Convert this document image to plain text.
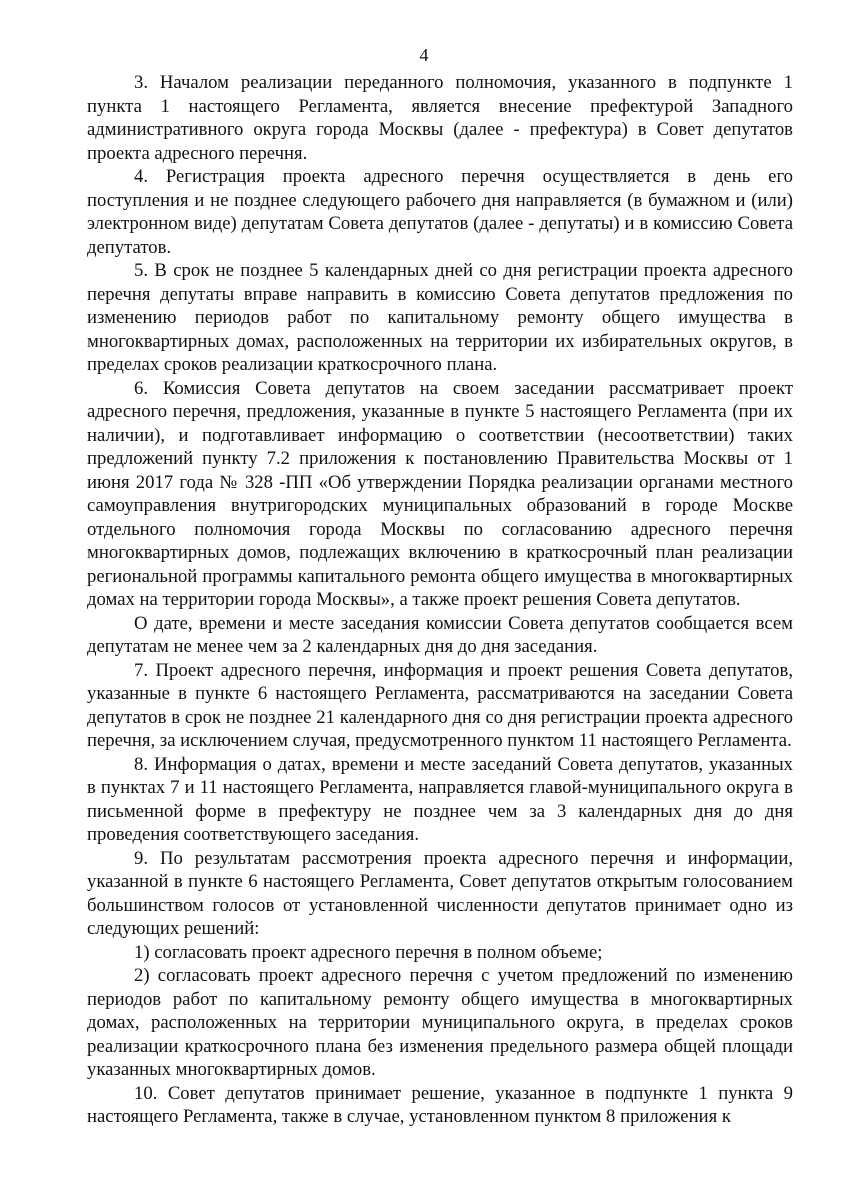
4

3. Началом реализации переданного полномочия, указанного в подпункте 1 пункта 1 настоящего Регламента, является внесение префектурой Западного административного округа города Москвы (далее - префектура) в Совет депутатов проекта адресного перечня.

4. Регистрация проекта адресного перечня осуществляется в день его поступления и не позднее следующего рабочего дня направляется (в бумажном и (или) электронном виде) депутатам Совета депутатов (далее - депутаты) и в комиссию Совета депутатов.

5. В срок не позднее 5 календарных дней со дня регистрации проекта адресного перечня депутаты вправе направить в комиссию Совета депутатов предложения по изменению периодов работ по капитальному ремонту общего имущества в многоквартирных домах, расположенных на территории их избирательных округов, в пределах сроков реализации краткосрочного плана.

6. Комиссия Совета депутатов на своем заседании рассматривает проект адресного перечня, предложения, указанные в пункте 5 настоящего Регламента (при их наличии), и подготавливает информацию о соответствии (несоответствии) таких предложений пункту 7.2 приложения к постановлению Правительства Москвы от 1 июня 2017 года № 328 -ПП «Об утверждении Порядка реализации органами местного самоуправления внутригородских муниципальных образований в городе Москве отдельного полномочия города Москвы по согласованию адресного перечня многоквартирных домов, подлежащих включению в краткосрочный план реализации региональной программы капитального ремонта общего имущества в многоквартирных домах на территории города Москвы», а также проект решения Совета депутатов.

О дате, времени и месте заседания комиссии Совета депутатов сообщается всем депутатам не менее чем за 2 календарных дня до дня заседания.

7. Проект адресного перечня, информация и проект решения Совета депутатов, указанные в пункте 6 настоящего Регламента, рассматриваются на заседании Совета депутатов в срок не позднее 21 календарного дня со дня регистрации проекта адресного перечня, за исключением случая, предусмотренного пунктом 11 настоящего Регламента.

8. Информация о датах, времени и месте заседаний Совета депутатов, указанных в пунктах 7 и 11 настоящего Регламента, направляется главой-муниципального округа в письменной форме в префектуру не позднее чем за 3 календарных дня до дня проведения соответствующего заседания.

9. По результатам рассмотрения проекта адресного перечня и информации, указанной в пункте 6 настоящего Регламента, Совет депутатов открытым голосованием большинством голосов от установленной численности депутатов принимает одно из следующих решений:

1) согласовать проект адресного перечня в полном объеме;

2) согласовать проект адресного перечня с учетом предложений по изменению периодов работ по капитальному ремонту общего имущества в многоквартирных домах, расположенных на территории муниципального округа, в пределах сроков реализации краткосрочного плана без изменения предельного размера общей площади указанных многоквартирных домов.

10. Совет депутатов принимает решение, указанное в подпункте 1 пункта 9 настоящего Регламента, также в случае, установленном пунктом 8 приложения к
